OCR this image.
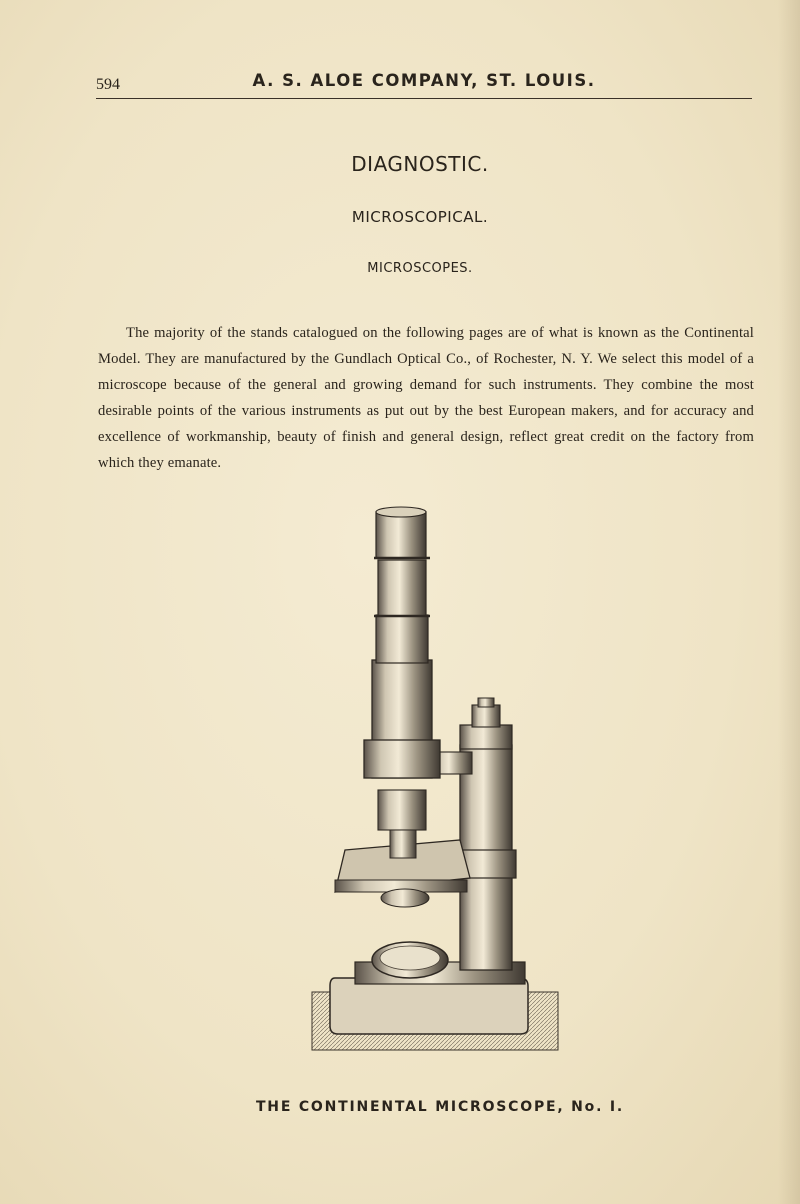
594	A. S. ALOE COMPANY, ST. LOUIS.
DIAGNOSTIC.
MICROSCOPICAL.
MICROSCOPES.
The majority of the stands catalogued on the following pages are of what is known as the Continental Model. They are manufactured by the Gundlach Optical Co., of Rochester, N. Y. We select this model of a microscope because of the general and growing demand for such instruments. They combine the most desirable points of the various instruments as put out by the best European makers, and for accuracy and excellence of workmanship, beauty of finish and general design, reflect great credit on the factory from which they emanate.
THE CONTINENTAL MICROSCOPE, No. I.
